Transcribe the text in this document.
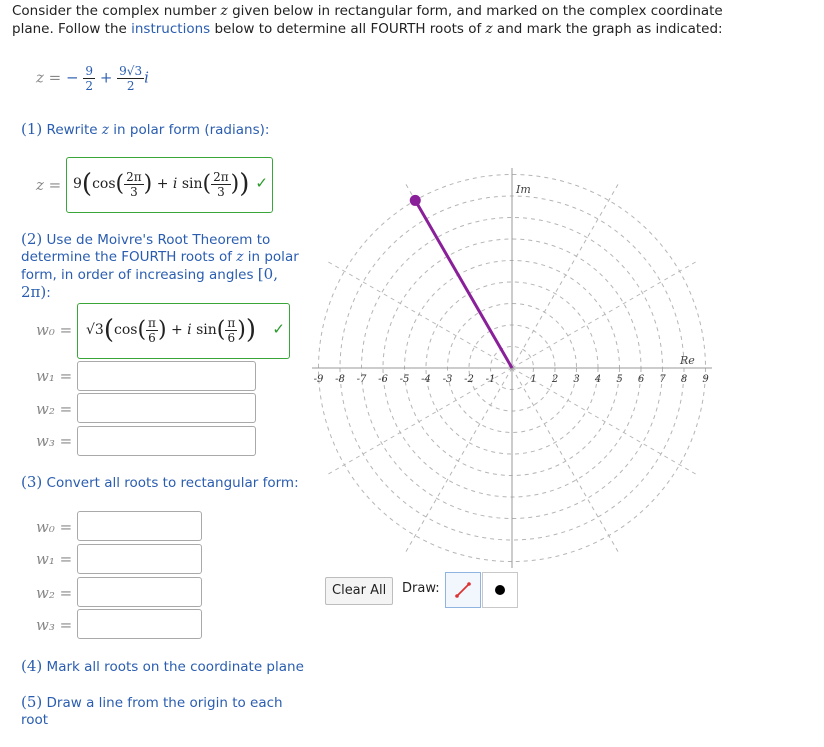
Consider the complex number z given below in rectangular form, and marked on the complex coordinate
plane. Follow the instructions below to determine all FOURTH roots of z and mark the graph as indicated:
z = − $\frac{9}{2} + \frac{9√3}{2}$ i
(1) Rewrite z in polar form (radians):
$z = 9(\cos( \frac{2\pi}{3}$ ) + i $\sin( \frac{2\pi}{3}$ )) ✓
(2) Use de Moivre's Root Theorem to
determine the FOURTH roots of z in polar
form, in order of increasing angles [0, 2π):
$w_0 = √3(\cos( \frac{\pi}{6}$ ) + i $\sin( \frac{\pi}{6}$ )) ✓
w₁ =
w₂ =
w₃ =
(3) Convert all roots to rectangular form:
w₀ =
w₁ =
w₂ =
w₃ =
(4) Mark all roots on the coordinate plane
(5) Draw a line from the origin to each
root
-9 -8 -7 -6 -5 -4 -3 -2 -1	1 2 3 4 5 6 7 8 9
Im
Re
Clear All	Draw:
